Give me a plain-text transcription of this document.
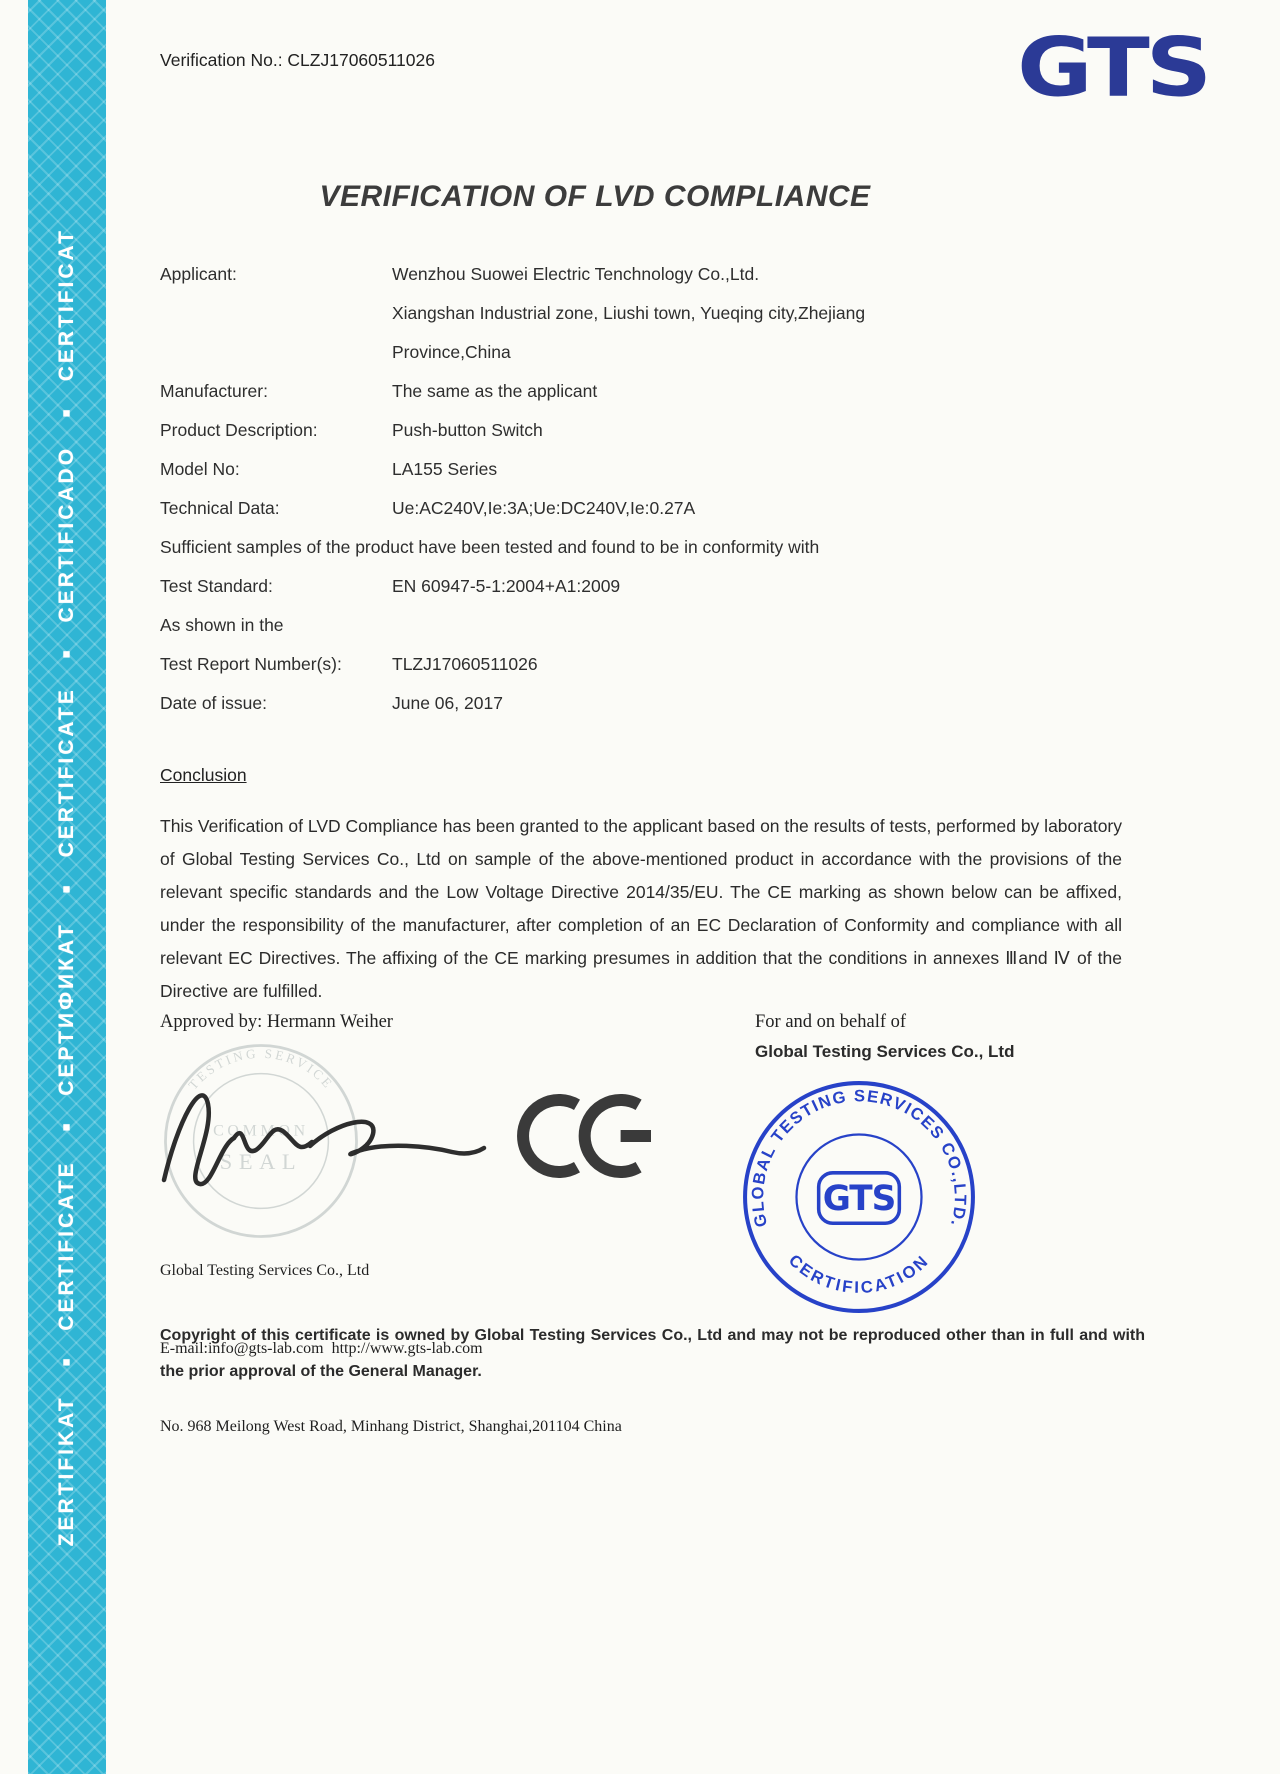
ZERTIFIKAT ■ CERTIFICATE ■ СЕРТИФИКАТ ■ CERTIFICATE ■ CERTIFICADO ■ CERTIFICAT
Verification No.: CLZJ17060511026	GTS
VERIFICATION OF LVD COMPLIANCE
Applicant:	Wenzhou Suowei Electric Tenchnology Co.,Ltd.
Xiangshan Industrial zone, Liushi town, Yueqing city,Zhejiang
Province,China
Manufacturer:	The same as the applicant
Product Description:	Push-button Switch
Model No:	LA155 Series
Technical Data:	Ue:AC240V,Ie:3A;Ue:DC240V,Ie:0.27A
Sufficient samples of the product have been tested and found to be in conformity with
Test Standard:	EN 60947-5-1:2004+A1:2009
As shown in the
Test Report Number(s):	TLZJ17060511026
Date of issue:	June 06, 2017
Conclusion
This Verification of LVD Compliance has been granted to the applicant based on the results of tests, performed by laboratory of Global Testing Services Co., Ltd on sample of the above-mentioned product in accordance with the provisions of the relevant specific standards and the Low Voltage Directive 2014/35/EU. The CE marking as shown below can be affixed, under the responsibility of the manufacturer, after completion of an EC Declaration of Conformity and compliance with all relevant EC Directives. The affixing of the CE marking presumes in addition that the conditions in annexes Ⅲand Ⅳ of the Directive are fulfilled.
Approved by: Hermann Weiher	For and on behalf of
Global Testing Services Co., Ltd
TESTING SERVICE
COMMON
SEAL
GLOBAL TESTING SERVICES CO.,LTD.
CERTIFICATION
GTS

Global Testing Services Co., Ltd

E-mail:info@gts-lab.com  http://www.gts-lab.com

No. 968 Meilong West Road, Minhang District, Shanghai,201104 China

Copyright of this certificate is owned by Global Testing Services Co., Ltd and may not be reproduced other than in full and with the prior approval of the General Manager.
